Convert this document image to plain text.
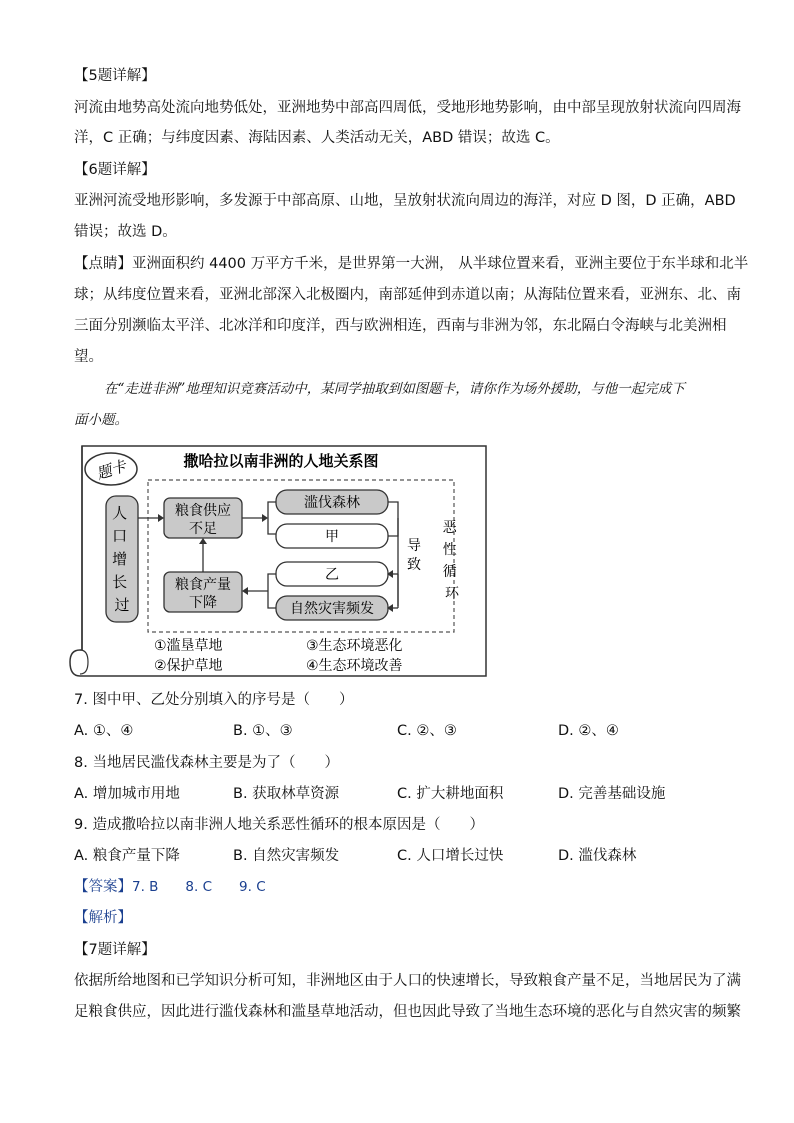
【5题详解】
河流由地势高处流向地势低处，亚洲地势中部高四周低，受地形地势影响，由中部呈现放射状流向四周海
洋，C 正确；与纬度因素、海陆因素、人类活动无关，ABD 错误；故选 C。
【6题详解】
亚洲河流受地形影响，多发源于中部高原、山地，呈放射状流向周边的海洋，对应 D 图，D 正确，ABD
错误；故选 D。
【点睛】亚洲面积约 4400 万平方千米，是世界第一大洲， 从半球位置来看，亚洲主要位于东半球和北半
球；从纬度位置来看，亚洲北部深入北极圈内，南部延伸到赤道以南；从海陆位置来看，亚洲东、北、南
三面分别濒临太平洋、北冰洋和印度洋，西与欧洲相连，西南与非洲为邻，东北隔白令海峡与北美洲相
望。
在“走进非洲”地理知识竞赛活动中，某同学抽取到如图题卡，请你作为场外援助，与他一起完成下
面小题。
题卡	撒哈拉以南非洲的人地关系图
人 口 增 长 过
粮食供应
不足
滥伐森林
甲
导
致
乙
自然灾害频发
粮食产量
下降
恶 性 循 环
①滥垦草地	③生态环境恶化
②保护草地	④生态环境改善
7. 图中甲、乙处分别填入的序号是（　　）
A. ①、④	B. ①、③	C. ②、③	D. ②、④
8. 当地居民滥伐森林主要是为了（　　）
A. 增加城市用地	B. 获取林草资源	C. 扩大耕地面积	D. 完善基础设施
9. 造成撒哈拉以南非洲人地关系恶性循环的根本原因是（　　）
A. 粮食产量下降	B. 自然灾害频发	C. 人口增长过快	D. 滥伐森林
【答案】7. B　　8. C　　9. C
【解析】
【7题详解】
依据所给地图和已学知识分析可知，非洲地区由于人口的快速增长，导致粮食产量不足，当地居民为了满
足粮食供应，因此进行滥伐森林和滥垦草地活动，但也因此导致了当地生态环境的恶化与自然灾害的频繁
